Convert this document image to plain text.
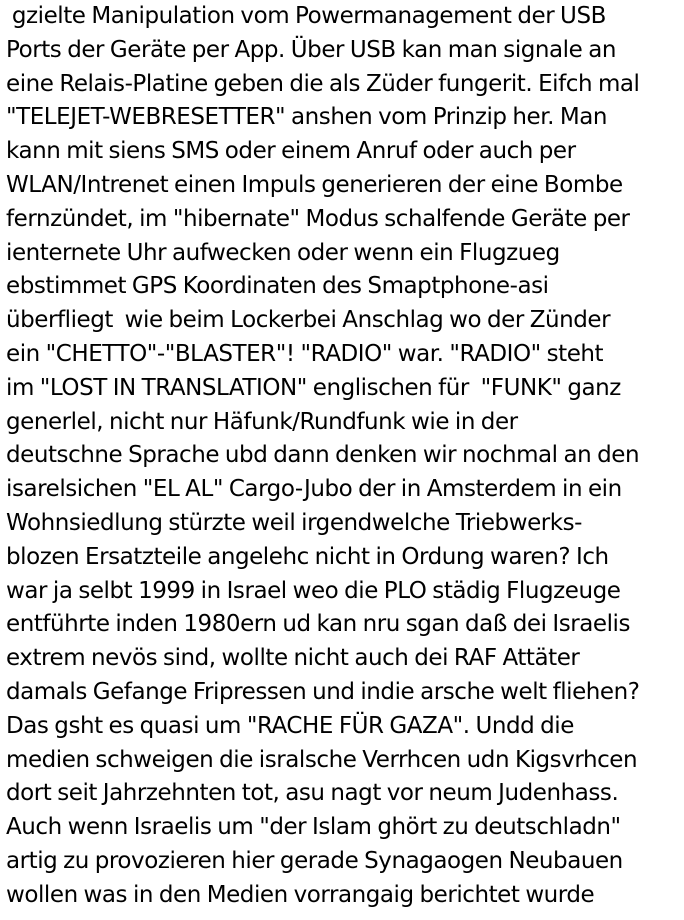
gzielte Manipulation vom Powermanagement der USB
Ports der Geräte per App. Über USB kan man signale an
eine Relais-Platine geben die als Züder fungerit. Eifch mal
"TELEJET-WEBRESETTER" anshen vom Prinzip her. Man
kann mit siens SMS oder einem Anruf oder auch per
WLAN/Intrenet einen Impuls generieren der eine Bombe
fernzündet, im "hibernate" Modus schalfende Geräte per
ienternete Uhr aufwecken oder wenn ein Flugzueg
ebstimmet GPS Koordinaten des Smaptphone-asi
überfliegt  wie beim Lockerbei Anschlag wo der Zünder
ein "CHETTO"-"BLASTER"! "RADIO" war. "RADIO" steht
im "LOST IN TRANSLATION" englischen für  "FUNK" ganz
generlel, nicht nur Häfunk/Rundfunk wie in der
deutschne Sprache ubd dann denken wir nochmal an den
isarelsichen "EL AL" Cargo-Jubo der in Amsterdem in ein
Wohnsiedlung stürzte weil irgendwelche Triebwerks-
blozen Ersatzteile angelehc nicht in Ordung waren? Ich
war ja selbt 1999 in Israel weo die PLO städig Flugzeuge
entführte inden 1980ern ud kan nru sgan daß dei Israelis
extrem nevös sind, wollte nicht auch dei RAF Attäter
damals Gefange Fripressen und indie arsche welt fliehen?
Das gsht es quasi um "RACHE FÜR GAZA". Undd die
medien schweigen die isralsche Verrhcen udn Kigsvrhcen
dort seit Jahrzehnten tot, asu nagt vor neum Judenhass.
Auch wenn Israelis um "der Islam ghört zu deutschladn"
artig zu provozieren hier gerade Synagaogen Neubauen
wollen was in den Medien vorrangaig berichtet wurde
